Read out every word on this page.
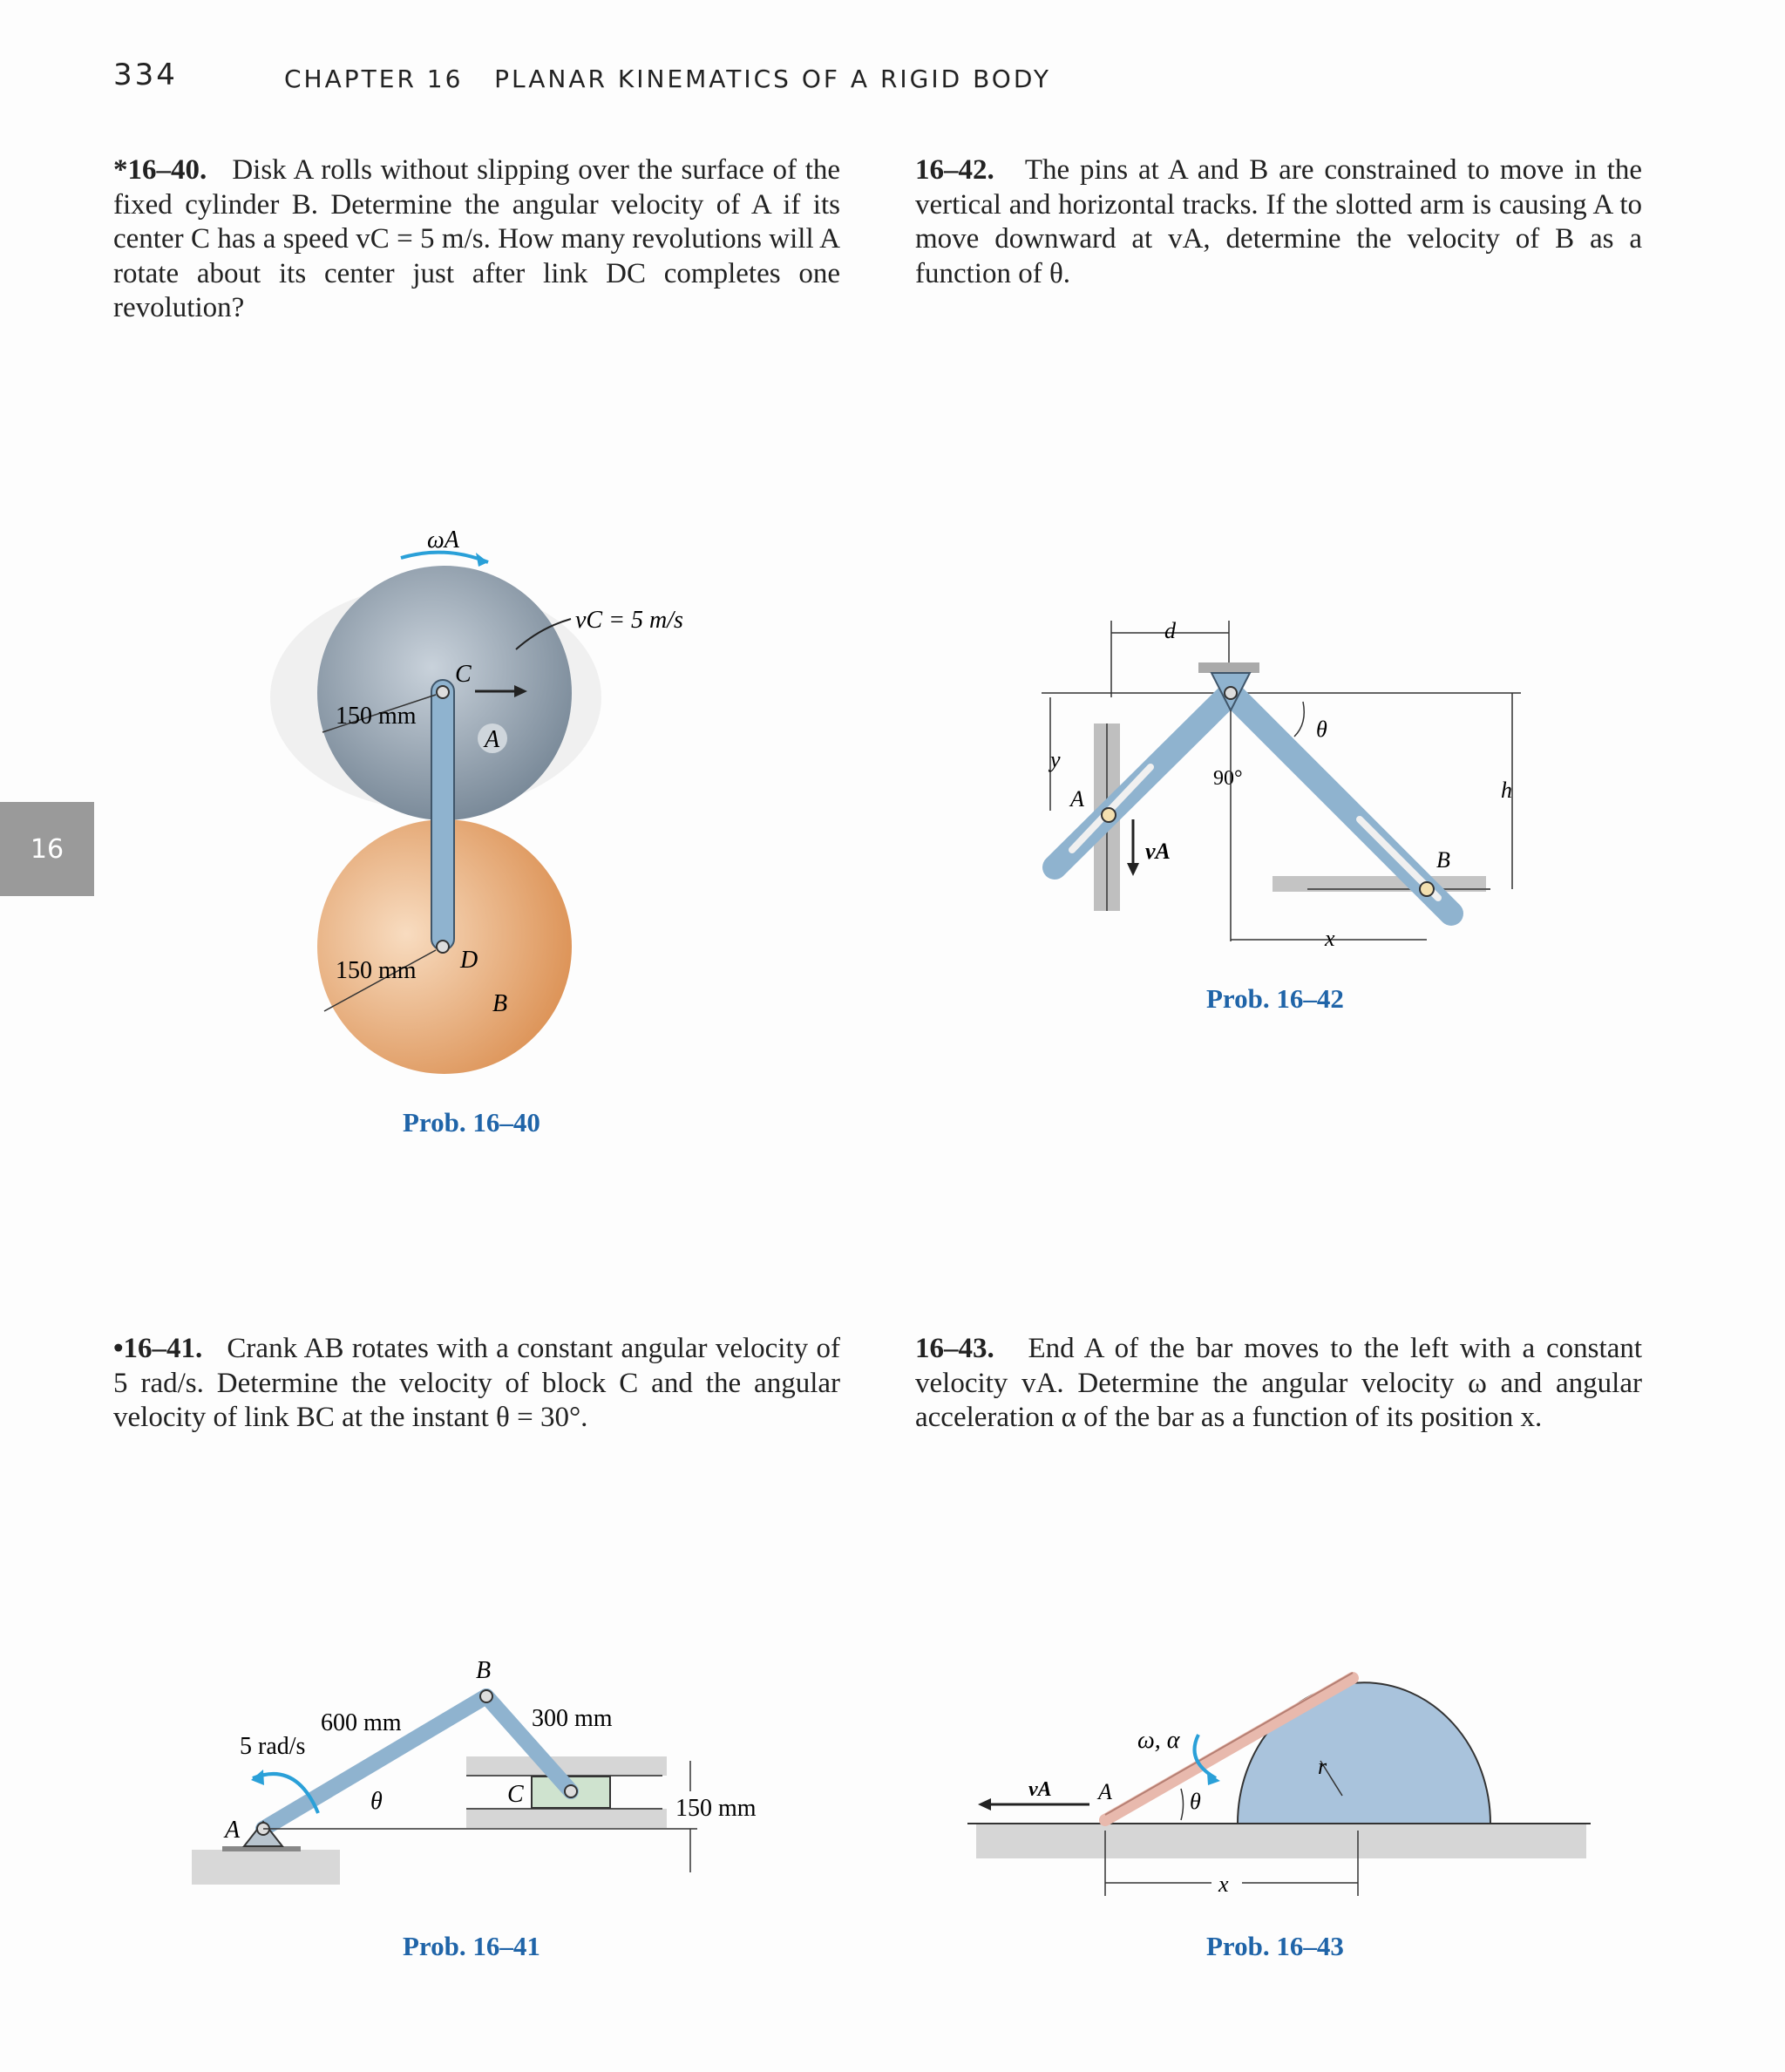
334	CHAPTER 16 PLANAR KINEMATICS OF A RIGID BODY
16

*16–40. Disk A rolls without slipping over the surface of the fixed cylinder B. Determine the angular velocity of A if its center C has a speed vC = 5 m/s. How many revolutions will A rotate about its center just after link DC completes one revolution?

16–42. The pins at A and B are constrained to move in the vertical and horizontal tracks. If the slotted arm is causing A to move downward at vA, determine the velocity of B as a function of θ.

•16–41. Crank AB rotates with a constant angular velocity of 5 rad/s. Determine the velocity of block C and the angular velocity of link BC at the instant θ = 30°.

16–43. End A of the bar moves to the left with a constant velocity vA. Determine the angular velocity ω and angular acceleration α of the bar as a function of its position x.

ωA
vC = 5 m/s
C
A
D
B
150 mm
150 mm
Prob. 16–40
d
h
y
A
B
vA
90°
θ
x
Prob. 16–42
B
600 mm	300 mm
5 rad/s
θ	C
A
150 mm
Prob. 16–41
r
A
vA
ω, α
θ
x
Prob. 16–43
